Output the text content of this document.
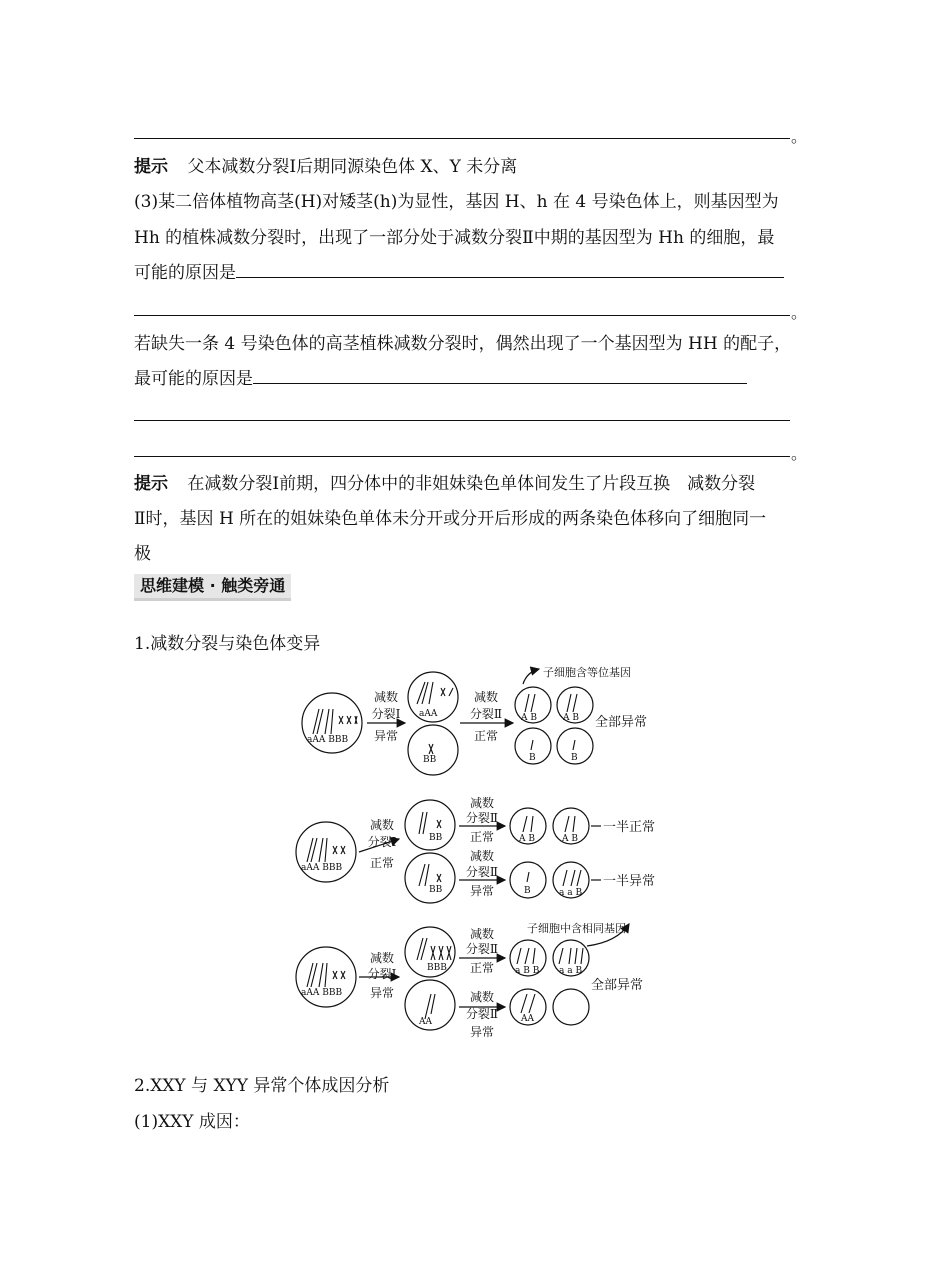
。
提示 父本减数分裂Ⅰ后期同源染色体 X、Y 未分离
(3)某二倍体植物高茎(H)对矮茎(h)为显性，基因 H、h 在 4 号染色体上，则基因型为
Hh 的植株减数分裂时，出现了一部分处于减数分裂Ⅱ中期的基因型为 Hh 的细胞，最
可能的原因是
。
若缺失一条 4 号染色体的高茎植株减数分裂时，偶然出现了一个基因型为 HH 的配子，
最可能的原因是
。
提示 在减数分裂Ⅰ前期，四分体中的非姐妹染色单体间发生了片段互换　减数分裂
Ⅱ时，基因 H 所在的姐妹染色单体未分开或分开后形成的两条染色体移向了细胞同一
极
思维建模 · 触类旁通
1.减数分裂与染色体变异
aAA BBB
aAA
BB
A B	A B
B	B
aAA BBB
BB
BB
A B	A B
B	a a B
aAA BBB
BBB
AA
a B B a a B
AA
减数
分裂Ⅰ
异常
减数
分裂Ⅱ
正常
减数
分裂Ⅰ
正常
减数
分裂Ⅱ
正常
减数
分裂Ⅱ
异常
减数
分裂Ⅰ
异常
减数
分裂Ⅱ
正常
减数
分裂Ⅱ
异常
子细胞含等位基因
全部异常
一半正常
一半异常
子细胞中含相同基因
全部异常
2.XXY 与 XYY 异常个体成因分析
(1)XXY 成因：
